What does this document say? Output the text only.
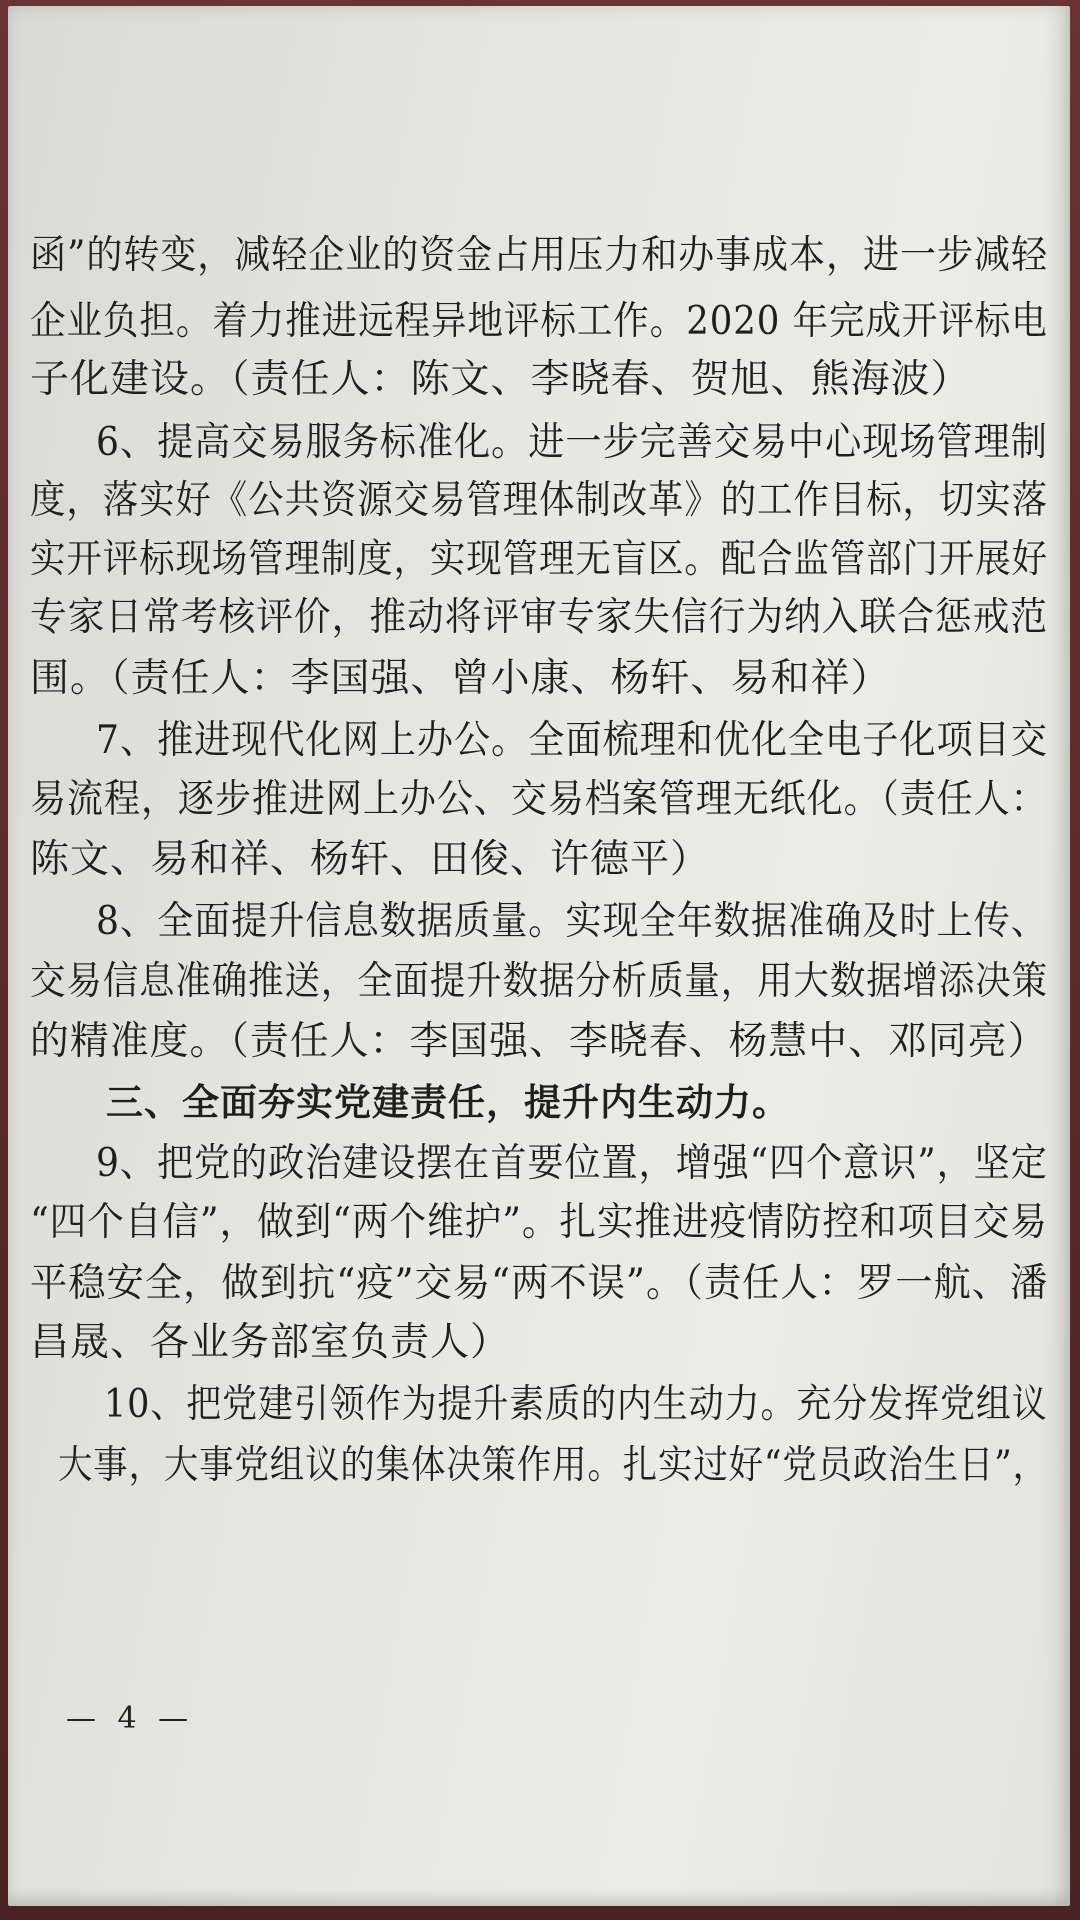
函”的转变，减轻企业的资金占用压力和办事成本，进一步减轻
企业负担。着力推进远程异地评标工作。2020 年完成开评标电
子化建设。（责任人：陈文、李晓春、贺旭、熊海波）
6、提高交易服务标准化。进一步完善交易中心现场管理制
度，落实好《公共资源交易管理体制改革》的工作目标，切实落
实开评标现场管理制度，实现管理无盲区。配合监管部门开展好
专家日常考核评价，推动将评审专家失信行为纳入联合惩戒范
围。（责任人：李国强、曾小康、杨轩、易和祥）
7、推进现代化网上办公。全面梳理和优化全电子化项目交
易流程，逐步推进网上办公、交易档案管理无纸化。（责任人：
陈文、易和祥、杨轩、田俊、许德平）
8、全面提升信息数据质量。实现全年数据准确及时上传、
交易信息准确推送，全面提升数据分析质量，用大数据增添决策
的精准度。（责任人：李国强、李晓春、杨慧中、邓同亮）
三、全面夯实党建责任，提升内生动力。
9、把党的政治建设摆在首要位置，增强“四个意识”，坚定
“四个自信”，做到“两个维护”。扎实推进疫情防控和项目交易
平稳安全，做到抗“疫”交易“两不误”。（责任人：罗一航、潘
昌晟、各业务部室负责人）
10、把党建引领作为提升素质的内生动力。充分发挥党组议
大事，大事党组议的集体决策作用。扎实过好“党员政治生日”，
— 4 —
